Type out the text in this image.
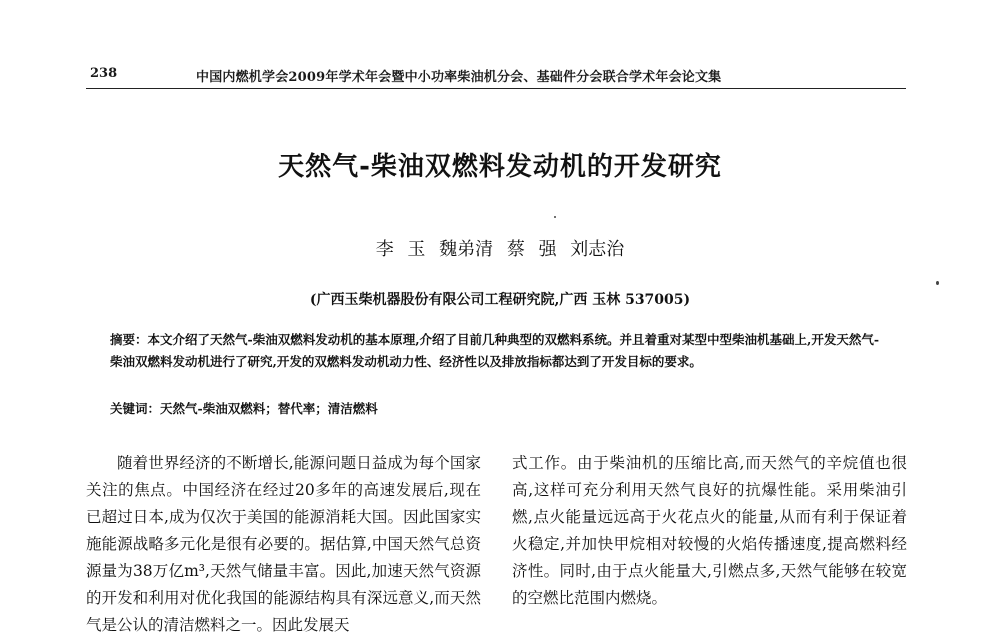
238	中国内燃机学会2009年学术年会暨中小功率柴油机分会、基础件分会联合学术年会论文集
天然气-柴油双燃料发动机的开发研究
李 玉 魏弟清 蔡 强 刘志治
(广西玉柴机器股份有限公司工程研究院,广西 玉林 537005)
摘要：本文介绍了天然气-柴油双燃料发动机的基本原理,介绍了目前几种典型的双燃料系统。并且着重对某型中型柴油机基础上,开发天然气-柴油双燃料发动机进行了研究,开发的双燃料发动机动力性、经济性以及排放指标都达到了开发目标的要求。
关键词：天然气-柴油双燃料；替代率；清洁燃料

随着世界经济的不断增长,能源问题日益成为每个国家关注的焦点。中国经济在经过20多年的高速发展后,现在已超过日本,成为仅次于美国的能源消耗大国。因此国家实施能源战略多元化是很有必要的。据估算,中国天然气总资源量为38万亿m³,天然气储量丰富。因此,加速天然气资源的开发和利用对优化我国的能源结构具有深远意义,而天然气是公认的清洁燃料之一。因此发展天

式工作。由于柴油机的压缩比高,而天然气的辛烷值也很高,这样可充分利用天然气良好的抗爆性能。采用柴油引燃,点火能量远远高于火花点火的能量,从而有利于保证着火稳定,并加快甲烷相对较慢的火焰传播速度,提高燃料经济性。同时,由于点火能量大,引燃点多,天然气能够在较宽的空燃比范围内燃烧。
